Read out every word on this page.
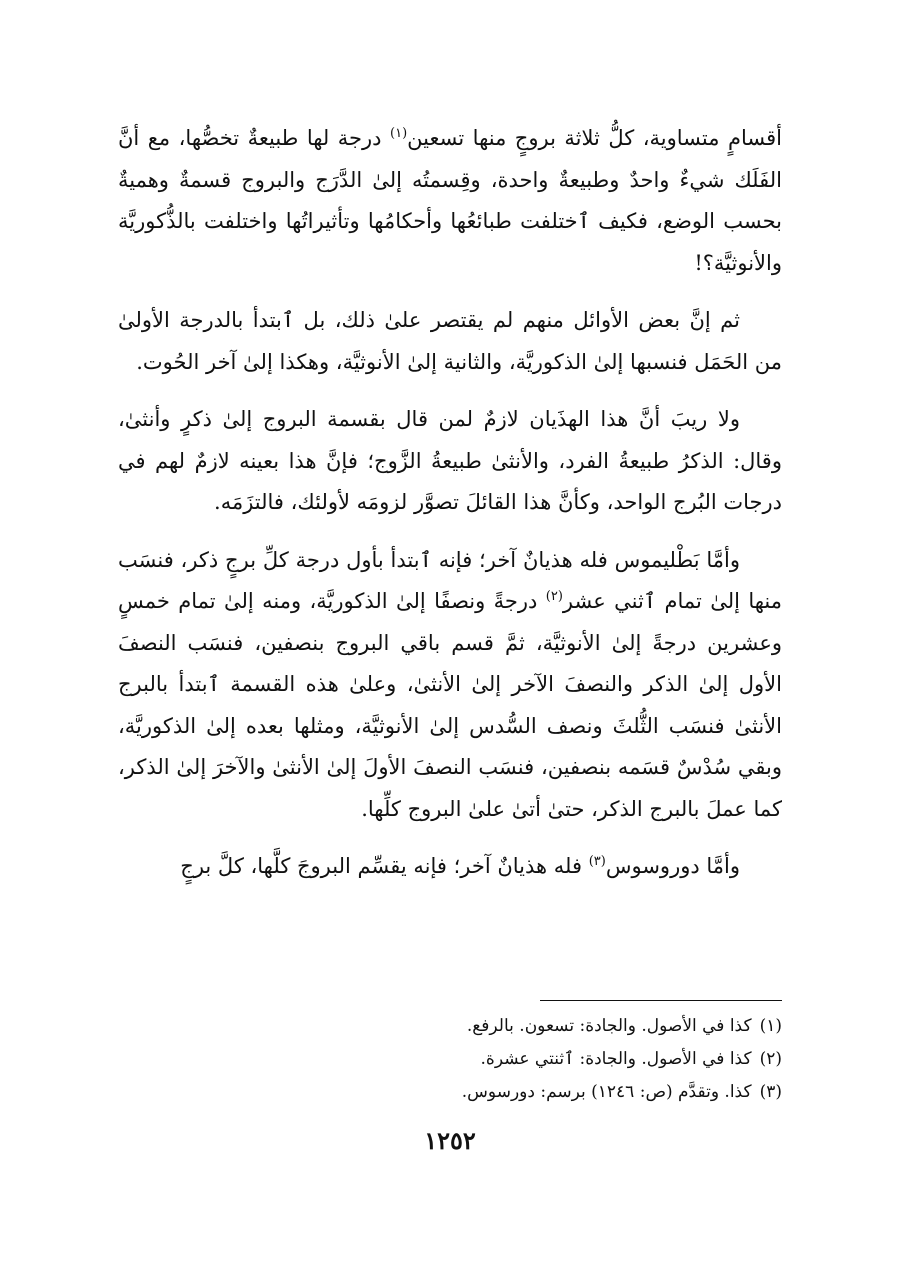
أقسامٍ متساوية، كلُّ ثلاثة بروجٍ منها تسعين$^{(١)}$ درجة لها طبيعةٌ تخصُّها، مع أنَّ الفَلَك شيءٌ واحدٌ وطبيعةٌ واحدة، وقِسمتُه إلىٰ الدَّرَج والبروج قسمةٌ وهميةٌ بحسب الوضع، فكيف ٱختلفت طبائعُها وأحكامُها وتأثيراتُها واختلفت بالذُّكوريَّة والأنوثيَّة؟!

ثم إنَّ بعض الأوائل منهم لم يقتصر علىٰ ذلك، بل ٱبتدأ بالدرجة الأولىٰ من الحَمَل فنسبها إلىٰ الذكوريَّة، والثانية إلىٰ الأنوثيَّة، وهكذا إلىٰ آخر الحُوت.

ولا ريبَ أنَّ هذا الهذَيان لازمٌ لمن قال بقسمة البروج إلىٰ ذكرٍ وأنثىٰ، وقال: الذكرُ طبيعةُ الفرد، والأنثىٰ طبيعةُ الزَّوج؛ فإنَّ هذا بعينه لازمٌ لهم في درجات البُرج الواحد، وكأنَّ هذا القائلَ تصوَّر لزومَه لأولئك، فالتزَمَه.

وأمَّا بَطْليموس فله هذيانٌ آخر؛ فإنه ٱبتدأ بأول درجة كلِّ برجٍ ذكر، فنسَب منها إلىٰ تمام ٱثني عشر$^{(٢)}$ درجةً ونصفًا إلىٰ الذكوريَّة، ومنه إلىٰ تمام خمسٍ وعشرين درجةً إلىٰ الأنوثيَّة، ثمَّ قسم باقي البروج بنصفين، فنسَب النصفَ الأول إلىٰ الذكر والنصفَ الآخر إلىٰ الأنثىٰ، وعلىٰ هذه القسمة ٱبتدأ بالبرج الأنثىٰ فنسَب الثُّلثَ ونصف السُّدس إلىٰ الأنوثيَّة، ومثلها بعده إلىٰ الذكوريَّة، وبقي سُدْسٌ قسَمه بنصفين، فنسَب النصفَ الأولَ إلىٰ الأنثىٰ والآخرَ إلىٰ الذكر، كما عملَ بالبرج الذكر، حتىٰ أتىٰ علىٰ البروج كلِّها.

وأمَّا دوروسوس$^{(٣)}$ فله هذيانٌ آخر؛ فإنه يقسِّم البروجَ كلَّها، كلَّ برجٍ

(١)كذا في الأصول. والجادة: تسعون. بالرفع.

(٢)كذا في الأصول. والجادة: ٱثنتي عشرة.

(٣)كذا. وتقدَّم (ص: ١٢٤٦) برسم: دورسوس.

١٢٥٢
